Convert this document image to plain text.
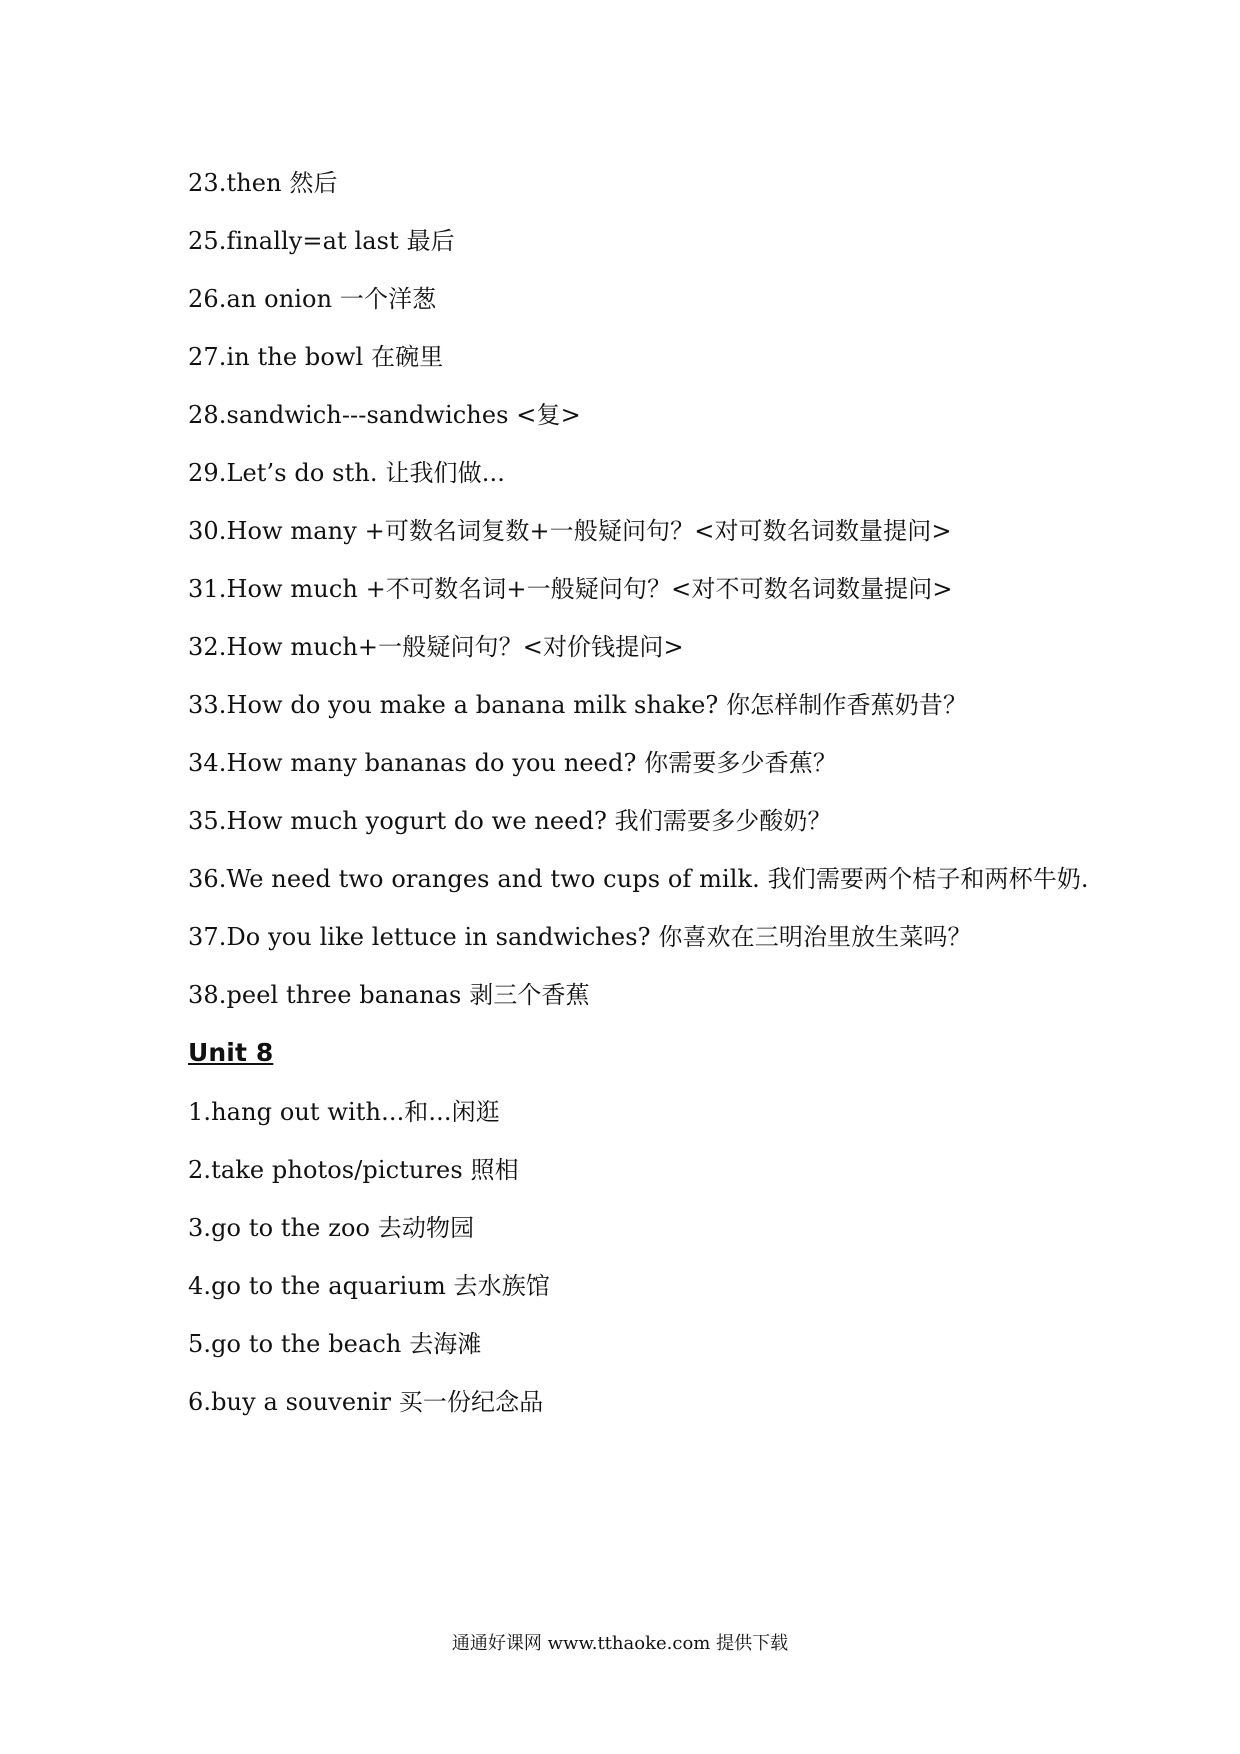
23.then 然后
25.finally=at last 最后
26.an onion 一个洋葱
27.in the bowl 在碗里
28.sandwich---sandwiches <复>
29.Let’s do sth. 让我们做...
30.How many +可数名词复数+一般疑问句？<对可数名词数量提问>
31.How much +不可数名词+一般疑问句？<对不可数名词数量提问>
32.How much+一般疑问句？<对价钱提问>
33.How do you make a banana milk shake? 你怎样制作香蕉奶昔？
34.How many bananas do you need? 你需要多少香蕉？
35.How much yogurt do we need? 我们需要多少酸奶？
36.We need two oranges and two cups of milk. 我们需要两个桔子和两杯牛奶.
37.Do you like lettuce in sandwiches? 你喜欢在三明治里放生菜吗？
38.peel three bananas 剥三个香蕉
Unit 8
1.hang out with...和...闲逛
2.take photos/pictures 照相
3.go to the zoo 去动物园
4.go to the aquarium 去水族馆
5.go to the beach 去海滩
6.buy a souvenir 买一份纪念品
通通好课网 www.tthaoke.com 提供下载
